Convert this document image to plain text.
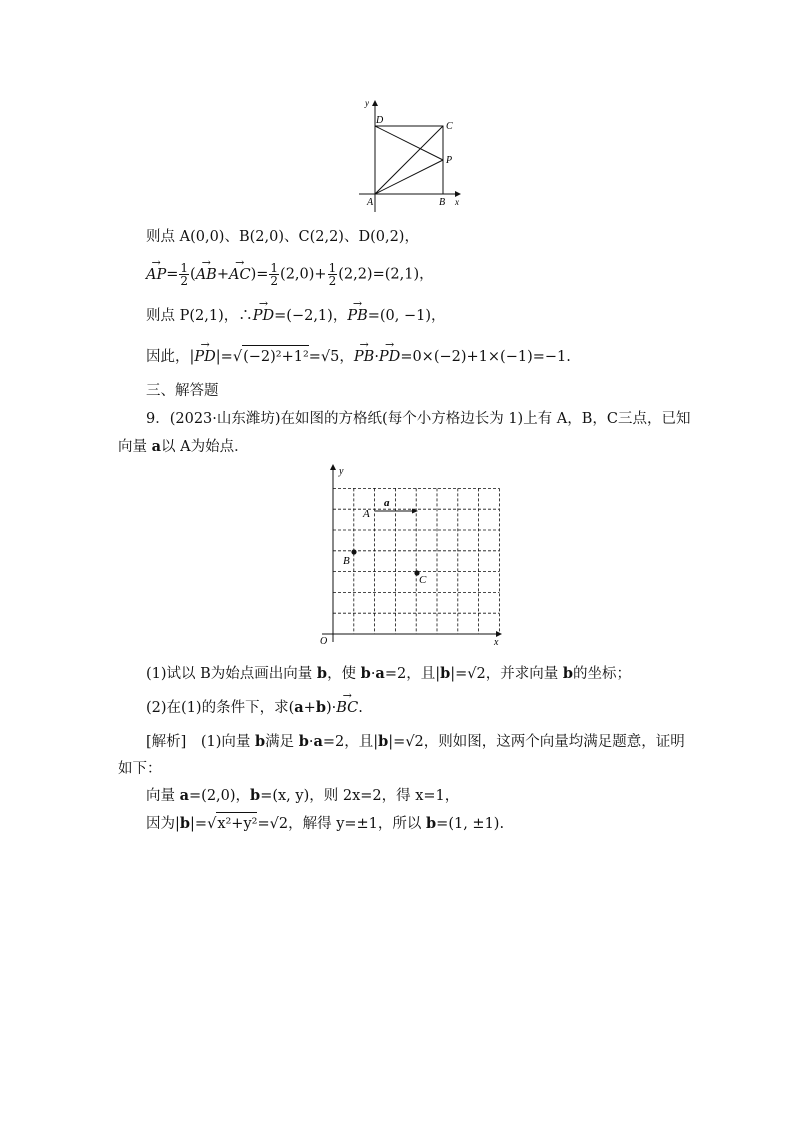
y
x
A	B
C
D
P
则点 A(0,0)、B(2,0)、C(2,2)、D(0,2)，
→ $AP= \frac{1}{2}$ (→ $AB+\to AC)= \frac{1}{2} (2,0)+ \frac{1}{2} (2,2)=(2,1)$，
则点 P(2,1)，∴→ PD=(−2,1)，→ PB=(0, −1)，
因此，|→ PD|=√(−2)²+1²=√5，→ PB·→ PD=0×(−2)+1×(−1)=−1.
三、解答题
9．(2023·山东潍坊)在如图的方格纸(每个小方格边长为 1)上有 A，B，C三点，已知
向量 a以 A为始点．
y
x
O
A
B
C
a
(1)试以 B为始点画出向量 b，使 b·a=2，且|b|=√2，并求向量 b的坐标；
(2)在(1)的条件下，求(a+b)·→ BC.
[解析]　(1)向量 b满足 b·a=2，且|b|=√2，则如图，这两个向量均满足题意，证明
如下：
向量 a=(2,0)，b=(x, y)，则 2x=2，得 x=1，
因为|b|=√x²+y²=√2，解得 y=±1，所以 b=(1, ±1).
